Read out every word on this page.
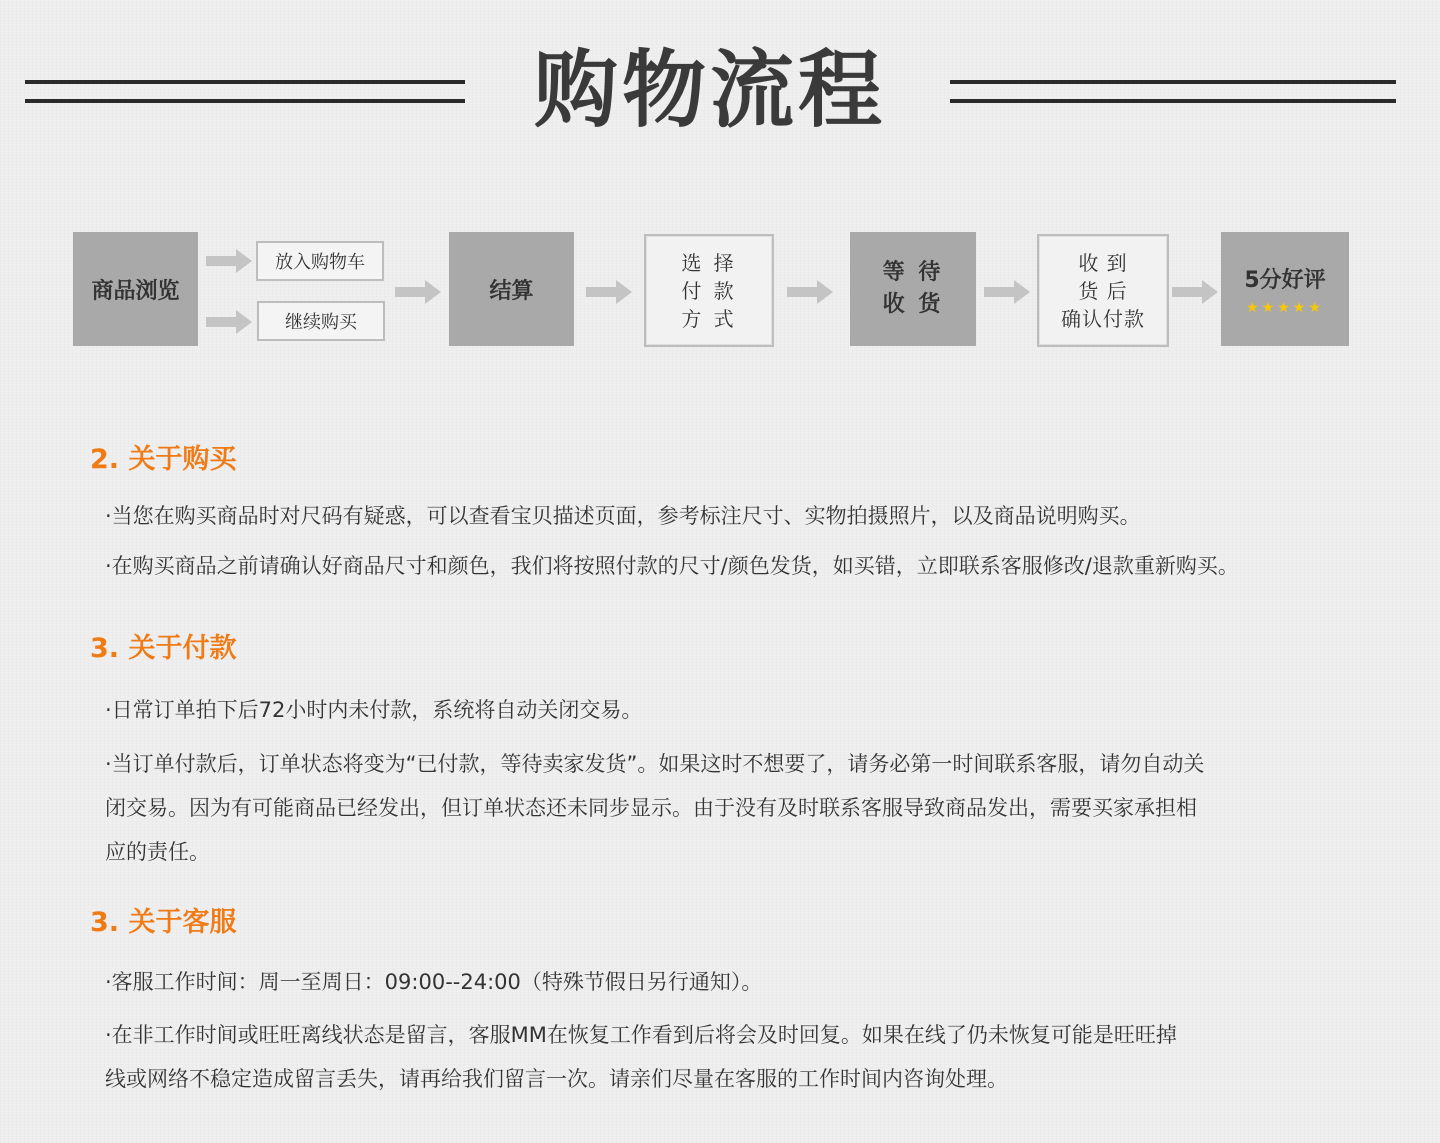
购物流程
商品浏览
放入购物车
继续购买
结算
选 择
付 款
方 式
等 待
收 货
收 到
货 后
确认付款
5分好评
★★★★★
2. 关于购买
·当您在购买商品时对尺码有疑惑，可以查看宝贝描述页面，参考标注尺寸、实物拍摄照片，以及商品说明购买。
·在购买商品之前请确认好商品尺寸和颜色，我们将按照付款的尺寸/颜色发货，如买错，立即联系客服修改/退款重新购买。
3. 关于付款
·日常订单拍下后72小时内未付款，系统将自动关闭交易。
·当订单付款后，订单状态将变为“已付款，等待卖家发货”。如果这时不想要了，请务必第一时间联系客服，请勿自动关
闭交易。因为有可能商品已经发出，但订单状态还未同步显示。由于没有及时联系客服导致商品发出，需要买家承担相
应的责任。
3. 关于客服
·客服工作时间：周一至周日：09:00--24:00（特殊节假日另行通知）。
·在非工作时间或旺旺离线状态是留言，客服MM在恢复工作看到后将会及时回复。如果在线了仍未恢复可能是旺旺掉
线或网络不稳定造成留言丢失，请再给我们留言一次。请亲们尽量在客服的工作时间内咨询处理。
